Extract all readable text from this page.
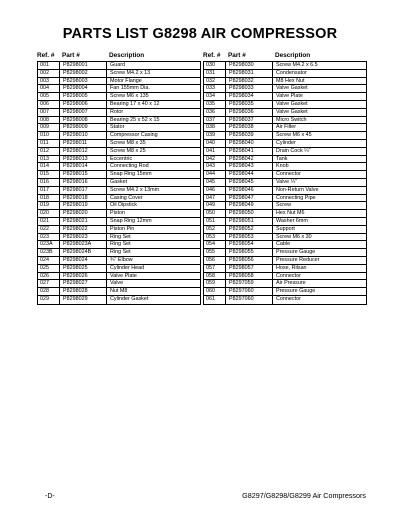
PARTS LIST G8298 AIR COMPRESSOR
Ref. #	Part #	Description
001	P8298001	Guard
002	P8298002	Screw M4.2 x 13
003	P8298003	Motor Flange
004	P8298004	Fan 155mm Dia.
005	P8298005	Screw M6 x 135
006	P8298006	Bearing 17 x 40 x 12
007	P8298007	Rotor
008	P8298008	Bearing 25 x 52 x 15
009	P8298009	Stator
010	P8298010	Compressor Casing
011	P8298011	Screw M8 x 35
012	P8298012	Screw M8 x 25
013	P8298013	Eccentric
014	P8298014	Connecting Rod
015	P8298015	Snap Ring 15mm
016	P8298016	Gasket
017	P8298017	Screw M4.2 x 13mm
018	P8298018	Casing Cover
019	P8298019	Oil Dipstick
020	P8298020	Piston
021	P8298021	Snap Ring 12mm
022	P8298022	Piston Pin
023	P8298023	Ring Set
023A	P8298023A	Ring Set
023B	P8298024B	Ring Set
024	P8298024	¾" Elbow
025	P8298025	Cylinder Head
026	P8298026	Valve Plate
027	P8298027	Valve
028	P8298028	Nut M8
029	P8298029	Cylinder Gasket
Ref. #	Part #	Description
030	P8298030	Screw M4.2 x 6.5
031	P8298031	Condensator
032	P8298032	M8 Hex Nut
033	P8298033	Valve Gasket
034	P8298034	Valve Plate
035	P8298035	Valve Gasket
036	P8298036	Valve Gasket
037	P8298037	Micro Switch
038	P8298038	Air Filter
039	P8298039	Screw M6 x 45
040	P8298040	Cylinder
041	P8298041	Drain Cock ¼"
042	P8298042	Tank
043	P8298043	Knob
044	P8298044	Connector
045	P8298045	Valve ¼"
046	P8298046	Non-Return Valve
047	P8298047	Connecting Pipe
049	P8298049	Screw
050	P8298050	Hex Nut M6
051	P8298051	Washer 6mm
052	P8298052	Support
053	P8298053	Screw M6 x 30
054	P8298054	Cable
055	P8298055	Pressure Gauge
056	P8298056	Pressure Reducer
057	P8298057	Hose, Rilsan
058	P8298058	Connector
059	P8297059	Air Pressure
060	P8297060	Pressure Gauge
061	P8297060	Connector
-D-	G8297/G8298/G8299 Air Compressors
